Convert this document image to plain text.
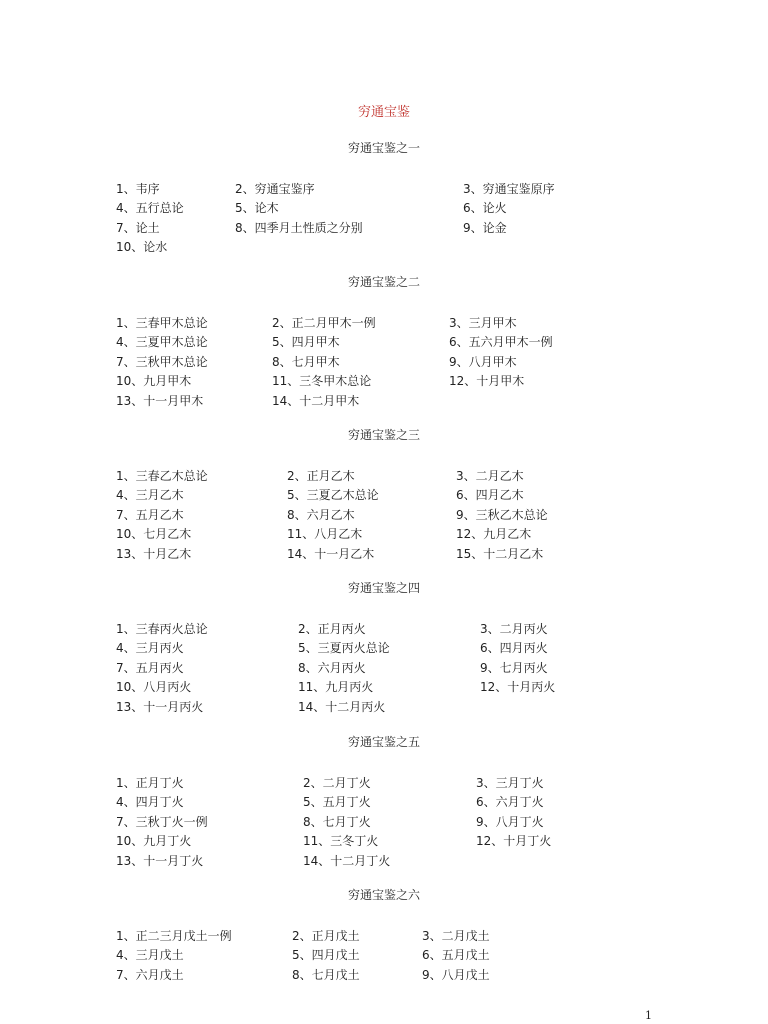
穷通宝鉴
穷通宝鉴之一
1、韦序	2、穷通宝鉴序	3、穷通宝鉴原序
4、五行总论	5、论木	6、论火
7、论土	8、四季月土性质之分别	9、论金
10、论水
穷通宝鉴之二
1、三春甲木总论	2、正二月甲木一例	3、三月甲木
4、三夏甲木总论	5、四月甲木	6、五六月甲木一例
7、三秋甲木总论	8、七月甲木	9、八月甲木
10、九月甲木	11、三冬甲木总论	12、十月甲木
13、十一月甲木	14、十二月甲木
穷通宝鉴之三
1、三春乙木总论	2、正月乙木	3、二月乙木
4、三月乙木	5、三夏乙木总论	6、四月乙木
7、五月乙木	8、六月乙木	9、三秋乙木总论
10、七月乙木	11、八月乙木	12、九月乙木
13、十月乙木	14、十一月乙木	15、十二月乙木
穷通宝鉴之四
1、三春丙火总论	2、正月丙火	3、二月丙火
4、三月丙火	5、三夏丙火总论	6、四月丙火
7、五月丙火	8、六月丙火	9、七月丙火
10、八月丙火	11、九月丙火	12、十月丙火
13、十一月丙火	14、十二月丙火
穷通宝鉴之五
1、正月丁火	2、二月丁火	3、三月丁火
4、四月丁火	5、五月丁火	6、六月丁火
7、三秋丁火一例	8、七月丁火	9、八月丁火
10、九月丁火	11、三冬丁火	12、十月丁火
13、十一月丁火	14、十二月丁火
穷通宝鉴之六
1、正二三月戊土一例	2、正月戊土	3、二月戊土
4、三月戊土	5、四月戊土	6、五月戊土
7、六月戊土	8、七月戊土	9、八月戊土
1
